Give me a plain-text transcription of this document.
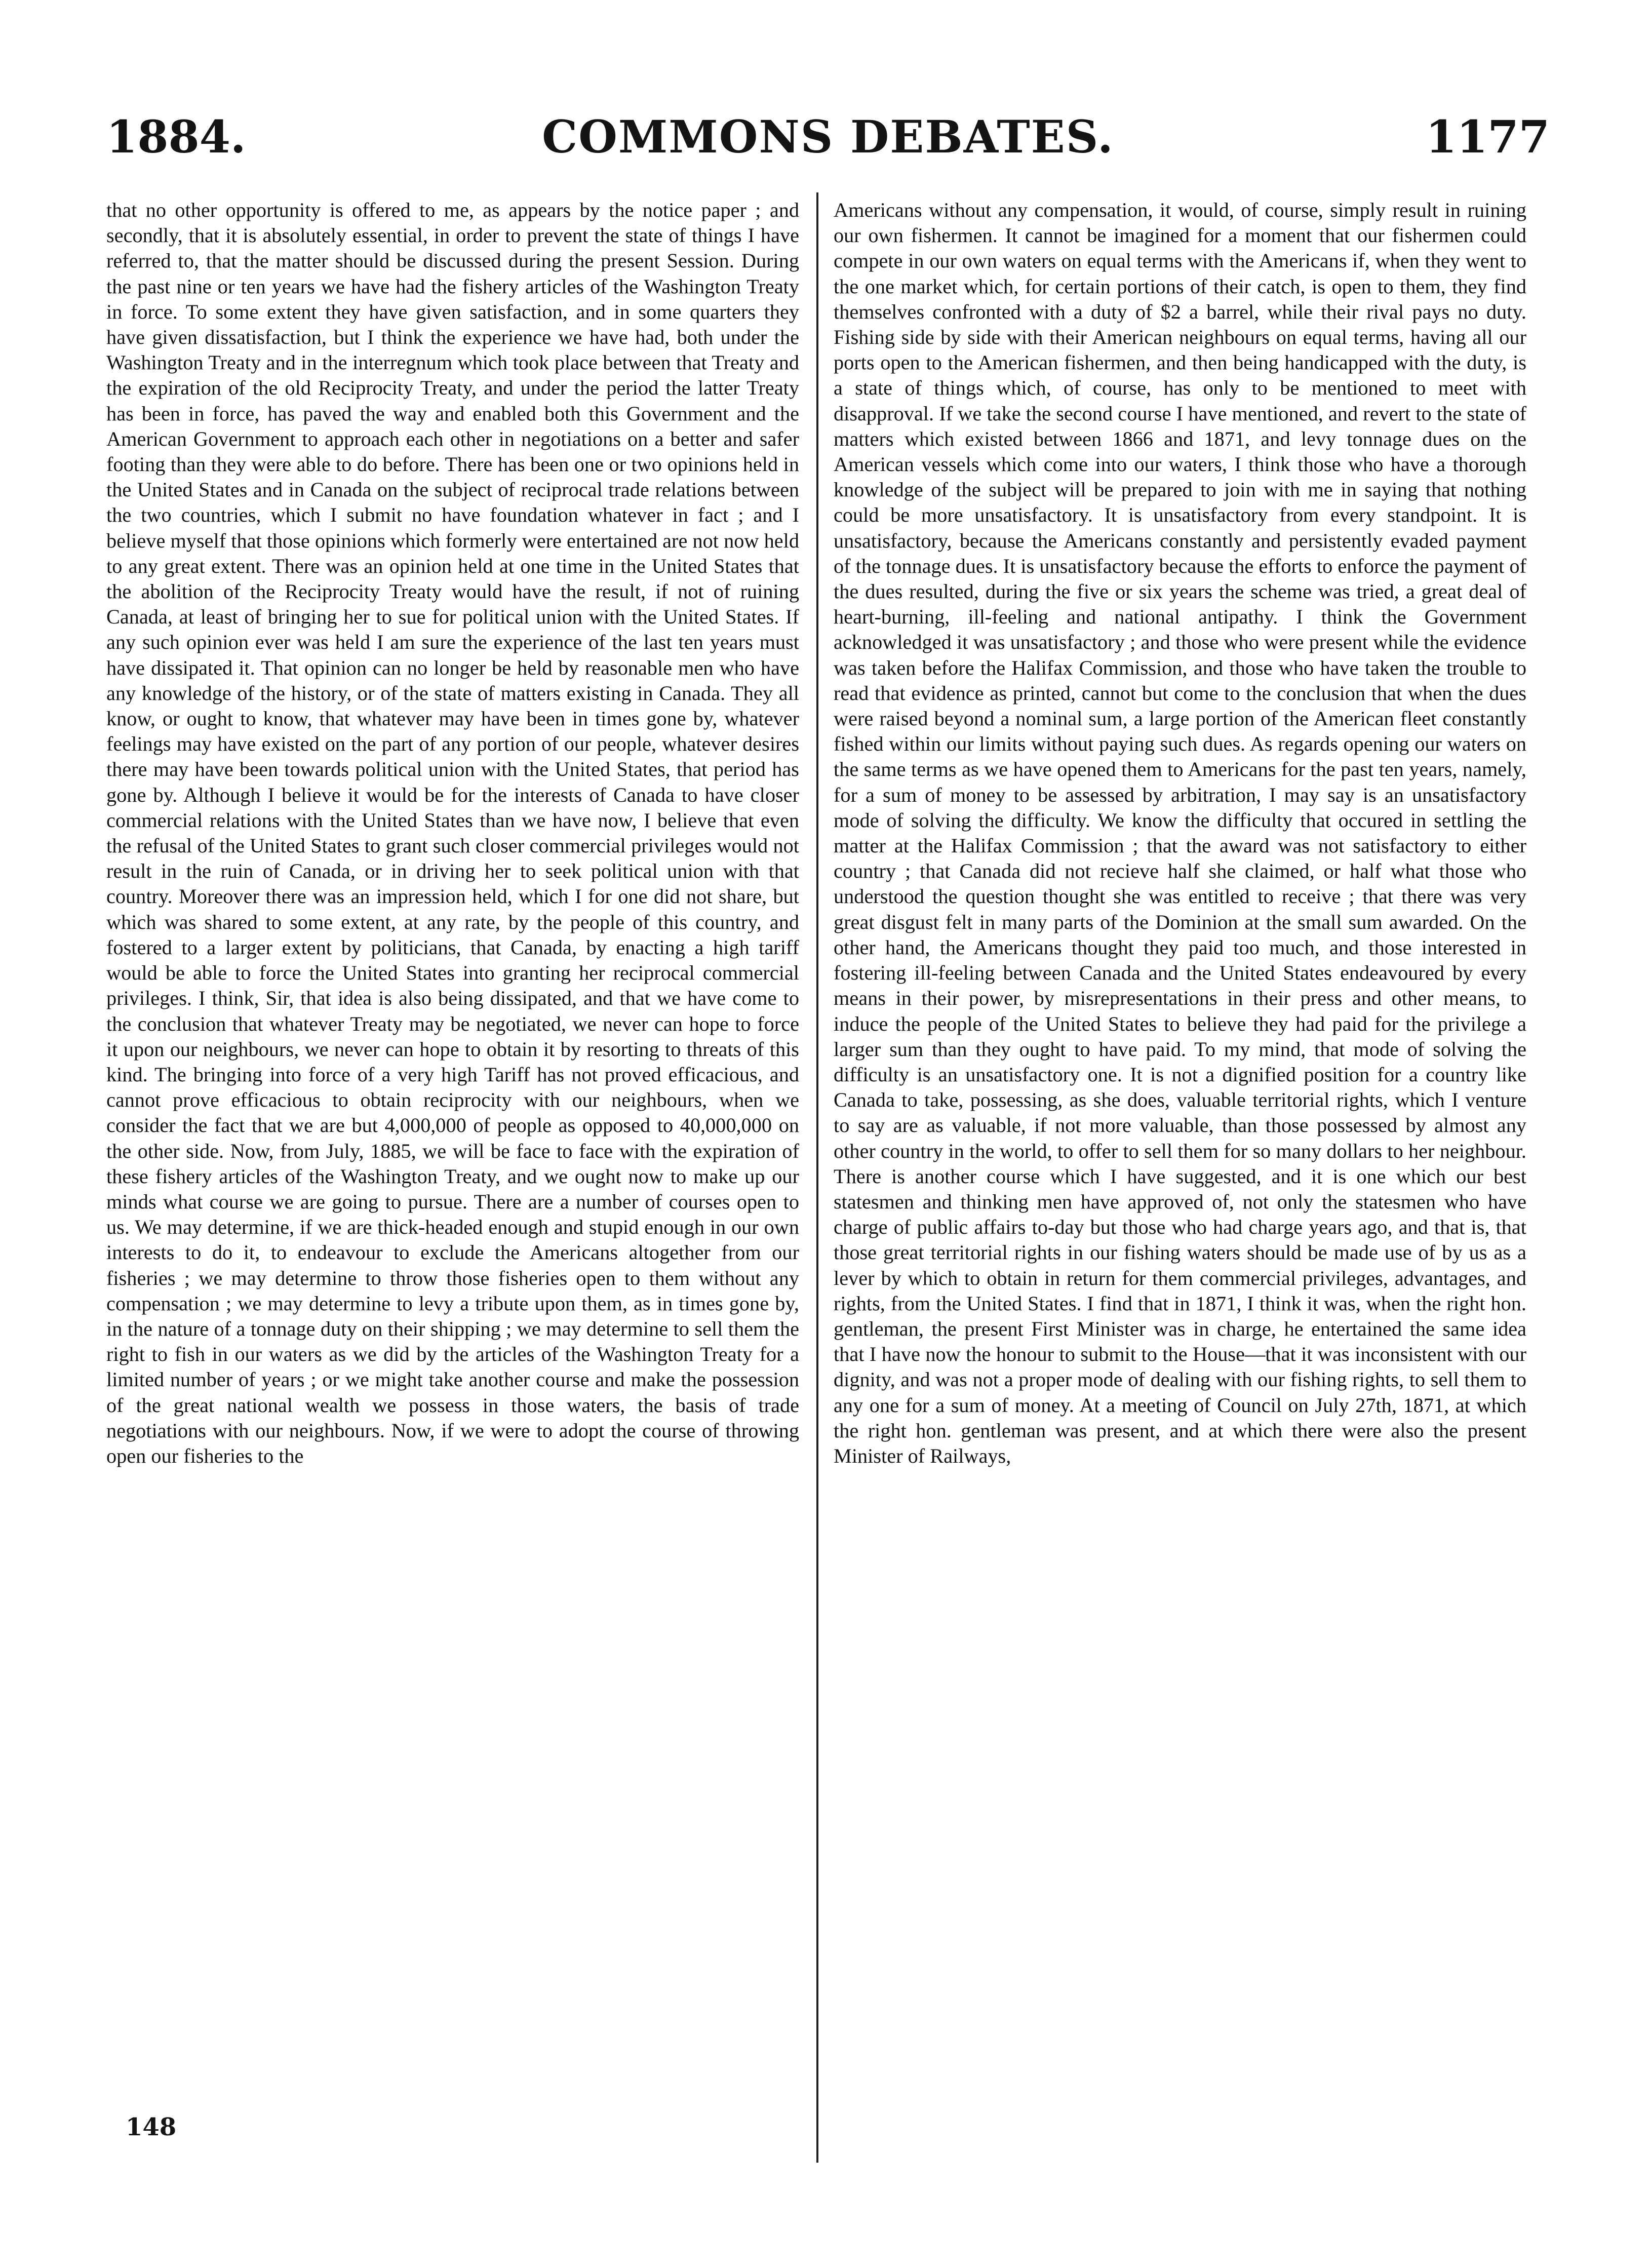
1884.	COMMONS DEBATES.	1177

that no other opportunity is offered to me, as appears by the notice paper ; and secondly, that it is absolutely essential, in order to prevent the state of things I have referred to, that the matter should be discussed during the present Session. During the past nine or ten years we have had the fishery articles of the Washington Treaty in force. To some extent they have given satisfaction, and in some quarters they have given dissatisfaction, but I think the experience we have had, both under the Washington Treaty and in the interregnum which took place between that Treaty and the expiration of the old Reciprocity Treaty, and under the period the latter Treaty has been in force, has paved the way and enabled both this Government and the American Government to approach each other in negotiations on a better and safer footing than they were able to do before. There has been one or two opinions held in the United States and in Canada on the subject of reciprocal trade relations between the two countries, which I submit no have foundation whatever in fact ; and I believe myself that those opinions which formerly were entertained are not now held to any great extent. There was an opinion held at one time in the United States that the abolition of the Reciprocity Treaty would have the result, if not of ruining Canada, at least of bringing her to sue for political union with the United States. If any such opinion ever was held I am sure the experience of the last ten years must have dissipated it. That opinion can no longer be held by reasonable men who have any knowledge of the history, or of the state of matters existing in Canada. They all know, or ought to know, that whatever may have been in times gone by, whatever feelings may have existed on the part of any portion of our people, whatever desires there may have been towards political union with the United States, that period has gone by. Although I believe it would be for the interests of Canada to have closer commercial relations with the United States than we have now, I believe that even the refusal of the United States to grant such closer commercial privileges would not result in the ruin of Canada, or in driving her to seek political union with that country. Moreover there was an impression held, which I for one did not share, but which was shared to some extent, at any rate, by the people of this country, and fostered to a larger extent by politicians, that Canada, by enacting a high tariff would be able to force the United States into granting her reciprocal commercial privileges. I think, Sir, that idea is also being dissipated, and that we have come to the conclusion that whatever Treaty may be negotiated, we never can hope to force it upon our neighbours, we never can hope to obtain it by resorting to threats of this kind. The bringing into force of a very high Tariff has not proved efficacious, and cannot prove efficacious to obtain reciprocity with our neighbours, when we consider the fact that we are but 4,000,000 of people as opposed to 40,000,000 on the other side. Now, from July, 1885, we will be face to face with the expiration of these fishery articles of the Washington Treaty, and we ought now to make up our minds what course we are going to pursue. There are a number of courses open to us. We may determine, if we are thick-headed enough and stupid enough in our own interests to do it, to endeavour to exclude the Americans altogether from our fisheries ; we may determine to throw those fisheries open to them without any compensation ; we may determine to levy a tribute upon them, as in times gone by, in the nature of a tonnage duty on their shipping ; we may determine to sell them the right to fish in our waters as we did by the articles of the Washington Treaty for a limited number of years ; or we might take another course and make the possession of the great national wealth we possess in those waters, the basis of trade negotiations with our neighbours. Now, if we were to adopt the course of throwing open our fisheries to the

Americans without any compensation, it would, of course, simply result in ruining our own fishermen. It cannot be imagined for a moment that our fishermen could compete in our own waters on equal terms with the Americans if, when they went to the one market which, for certain portions of their catch, is open to them, they find themselves confronted with a duty of $2 a barrel, while their rival pays no duty. Fishing side by side with their American neighbours on equal terms, having all our ports open to the American fishermen, and then being handicapped with the duty, is a state of things which, of course, has only to be mentioned to meet with disapproval. If we take the second course I have mentioned, and revert to the state of matters which existed between 1866 and 1871, and levy tonnage dues on the American vessels which come into our waters, I think those who have a thorough knowledge of the subject will be prepared to join with me in saying that nothing could be more unsatisfactory. It is unsatisfactory from every standpoint. It is unsatisfactory, because the Americans constantly and persistently evaded payment of the tonnage dues. It is unsatisfactory because the efforts to enforce the payment of the dues resulted, during the five or six years the scheme was tried, a great deal of heart-burning, ill-feeling and national antipathy. I think the Government acknowledged it was unsatisfactory ; and those who were present while the evidence was taken before the Halifax Commission, and those who have taken the trouble to read that evidence as printed, cannot but come to the conclusion that when the dues were raised beyond a nominal sum, a large portion of the American fleet constantly fished within our limits without paying such dues. As regards opening our waters on the same terms as we have opened them to Americans for the past ten years, namely, for a sum of money to be assessed by arbitration, I may say is an unsatisfactory mode of solving the difficulty. We know the difficulty that occured in settling the matter at the Halifax Commission ; that the award was not satisfactory to either country ; that Canada did not recieve half she claimed, or half what those who understood the question thought she was entitled to receive ; that there was very great disgust felt in many parts of the Dominion at the small sum awarded. On the other hand, the Americans thought they paid too much, and those interested in fostering ill-feeling between Canada and the United States endeavoured by every means in their power, by misrepresentations in their press and other means, to induce the people of the United States to believe they had paid for the privilege a larger sum than they ought to have paid. To my mind, that mode of solving the difficulty is an unsatisfactory one. It is not a dignified position for a country like Canada to take, possessing, as she does, valuable territorial rights, which I venture to say are as valuable, if not more valuable, than those possessed by almost any other country in the world, to offer to sell them for so many dollars to her neighbour. There is another course which I have suggested, and it is one which our best statesmen and thinking men have approved of, not only the statesmen who have charge of public affairs to-day but those who had charge years ago, and that is, that those great territorial rights in our fishing waters should be made use of by us as a lever by which to obtain in return for them commercial privileges, advantages, and rights, from the United States. I find that in 1871, I think it was, when the right hon. gentleman, the present First Minister was in charge, he entertained the same idea that I have now the honour to submit to the House—that it was inconsistent with our dignity, and was not a proper mode of dealing with our fishing rights, to sell them to any one for a sum of money. At a meeting of Council on July 27th, 1871, at which the right hon. gentleman was present, and at which there were also the present Minister of Railways,

148
